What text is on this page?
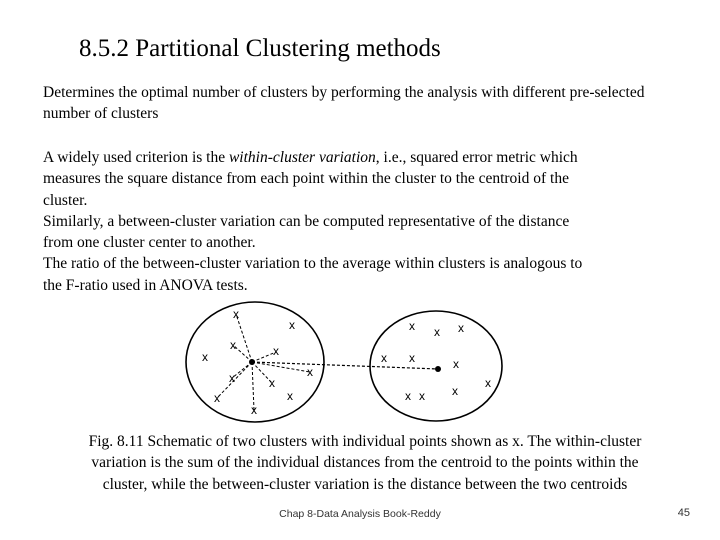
8.5.2 Partitional Clustering methods
Determines the optimal number of clusters by performing the analysis with different pre-selected number of clusters
A widely used criterion is the within-cluster variation, i.e., squared error metric which
measures the square distance from each point within the cluster to the centroid of the
cluster.
Similarly, a between-cluster variation can be computed representative of the distance
from one cluster center to another.
The ratio of the between-cluster variation to the average within clusters is analogous to
the F-ratio used in ANOVA tests.
x
x
x
x	x
x
x	x
x	x
x
x x x
x x	x
x
x
x x
Fig. 8.11 Schematic of two clusters with individual points shown as x. The within-cluster
variation is the sum of the individual distances from the centroid to the points within the
cluster, while the between-cluster variation is the distance between the two centroids
Chap 8-Data Analysis Book-Reddy	45
